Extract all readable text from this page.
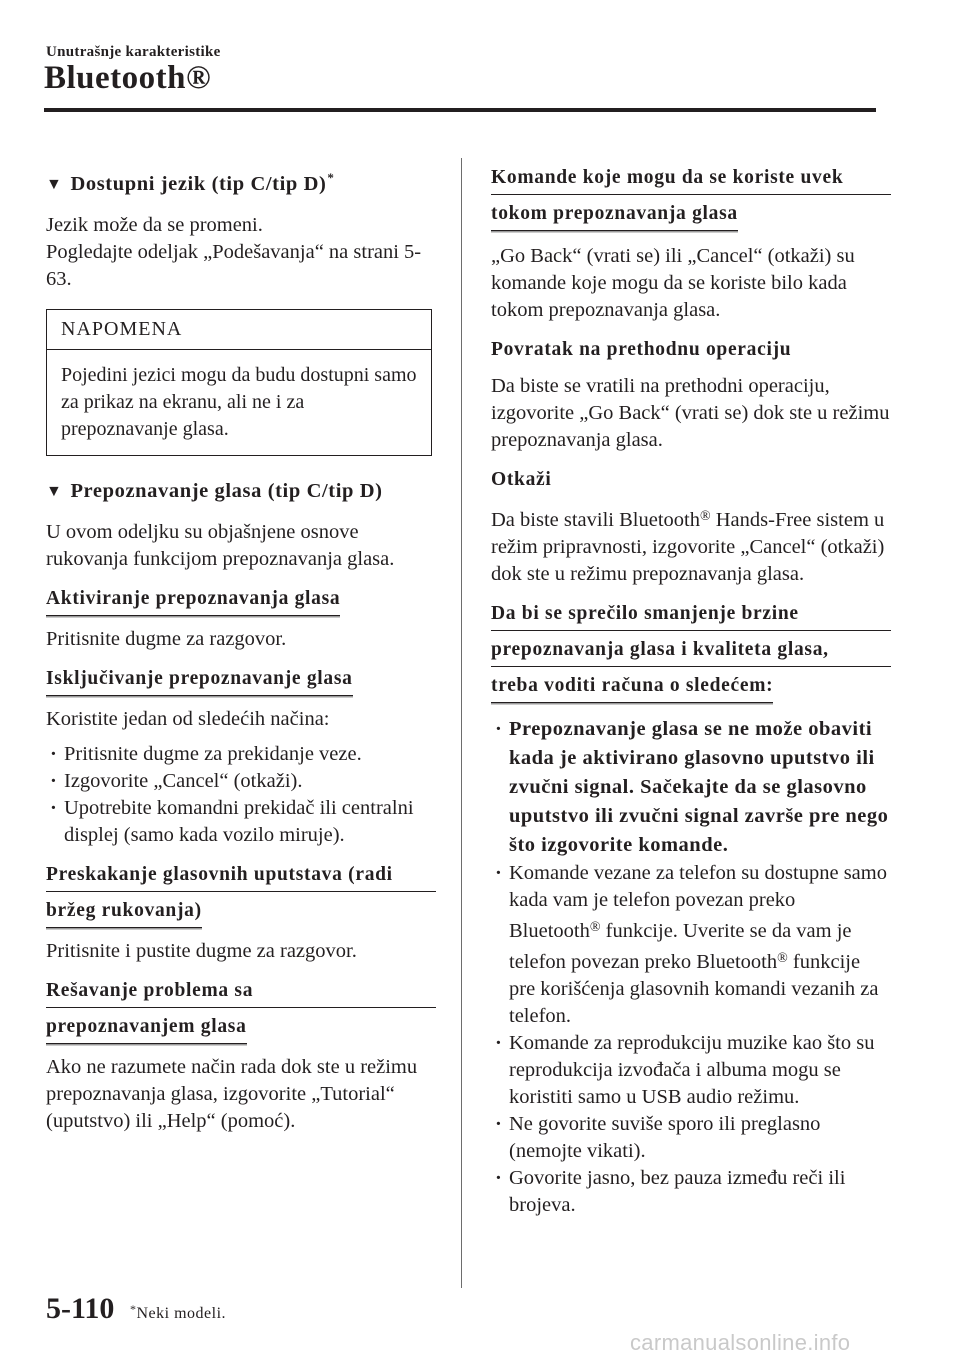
Unutrašnje karakteristike
Bluetooth®
▼ Dostupni jezik (tip C/tip D)*

Jezik može da se promeni.

Pogledajte odeljak „Podešavanja“ na strani 5-63.

NAPOMENA
Pojedini jezici mogu da budu dostupni samo za prikaz na ekranu, ali ne i za prepoznavanje glasa.
▼ Prepoznavanje glasa (tip C/tip D)

U ovom odeljku su objašnjene osnove rukovanja funkcijom prepoznavanja glasa.

Aktiviranje prepoznavanja glasa

Pritisnite dugme za razgovor.

Isključivanje prepoznavanje glasa

Koristite jedan od sledećih načina:

· Pritisnite dugme za prekidanje veze.
· Izgovorite „Cancel“ (otkaži).
· Upotrebite komandni prekidač ili centralni displej (samo kada vozilo miruje).
Preskakanje glasovnih uputstava (radi
bržeg rukovanja)

Pritisnite i pustite dugme za razgovor.

Rešavanje problema sa
prepoznavanjem glasa

Ako ne razumete način rada dok ste u režimu prepoznavanja glasa, izgovorite „Tutorial“ (uputstvo) ili „Help“ (pomoć).

Komande koje mogu da se koriste uvek
tokom prepoznavanja glasa

„Go Back“ (vrati se) ili „Cancel“ (otkaži) su komande koje mogu da se koriste bilo kada tokom prepoznavanja glasa.

Povratak na prethodnu operaciju

Da biste se vratili na prethodni operaciju, izgovorite „Go Back“ (vrati se) dok ste u režimu prepoznavanja glasa.

Otkaži

Da biste stavili Bluetooth® Hands-Free sistem u režim pripravnosti, izgovorite „Cancel“ (otkaži) dok ste u režimu prepoznavanja glasa.

Da bi se sprečilo smanjenje brzine
prepoznavanja glasa i kvaliteta glasa,
treba voditi računa o sledećem:
· Prepoznavanje glasa se ne može obaviti kada je aktivirano glasovno uputstvo ili zvučni signal. Sačekajte da se glasovno uputstvo ili zvučni signal završe pre nego što izgovorite komande.
· Komande vezane za telefon su dostupne samo kada vam je telefon povezan preko Bluetooth® funkcije. Uverite se da vam je telefon povezan preko Bluetooth® funkcije pre korišćenja glasovnih komandi vezanih za telefon.
· Komande za reprodukciju muzike kao što su reprodukcija izvođača i albuma mogu se koristiti samo u USB audio režimu.
· Ne govorite suviše sporo ili preglasno (nemojte vikati).
· Govorite jasno, bez pauza između reči ili brojeva.
5-110 *Neki modeli.
carmanualsonline.info
